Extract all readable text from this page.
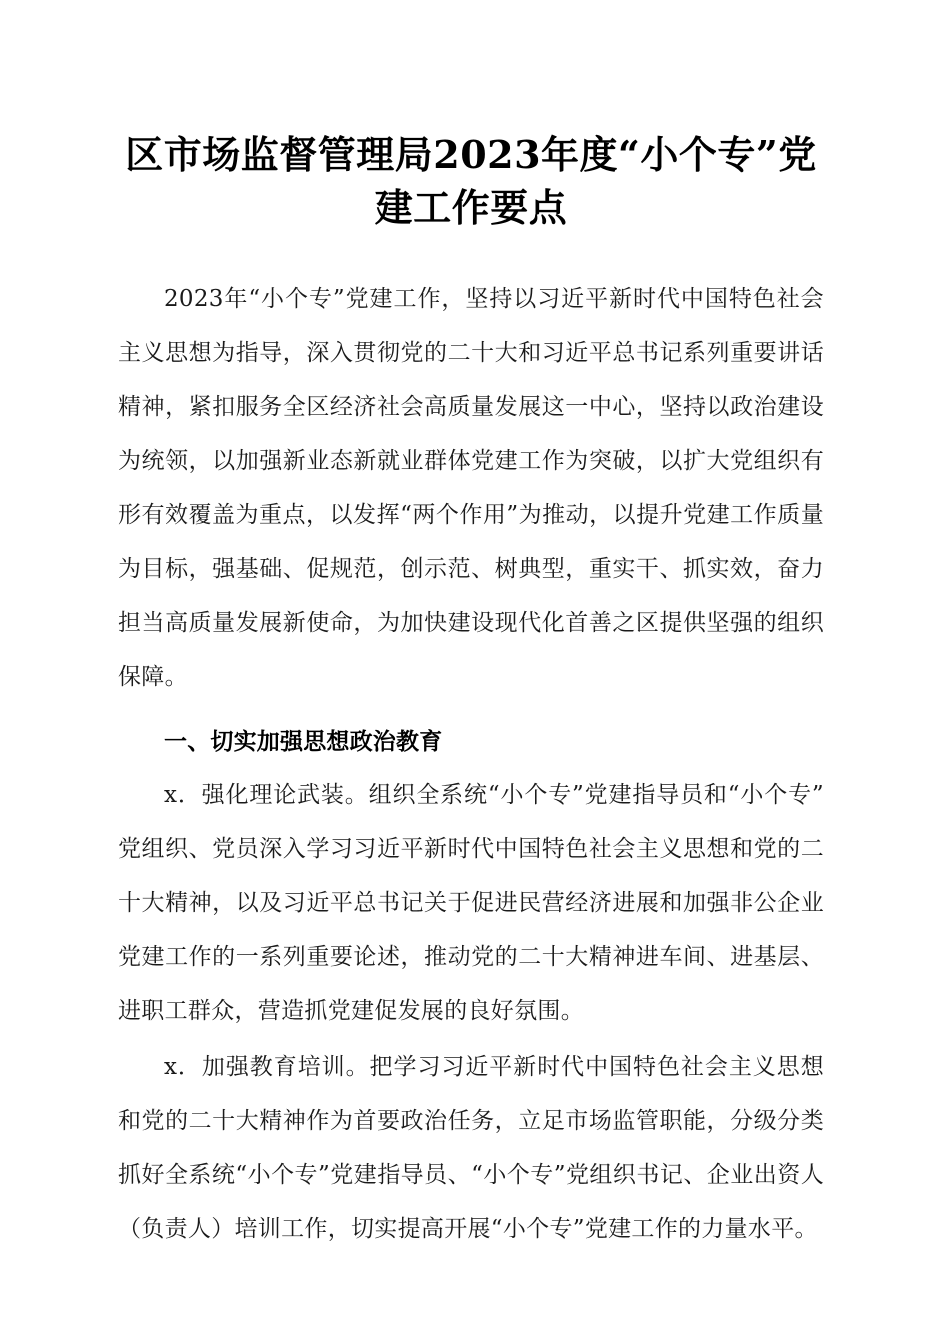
区市场监督管理局2023年度“小个专”党建工作要点

2023年“小个专”党建工作，坚持以习近平新时代中国特色社会主义思想为指导，深入贯彻党的二十大和习近平总书记系列重要讲话精神，紧扣服务全区经济社会高质量发展这一中心，坚持以政治建设为统领，以加强新业态新就业群体党建工作为突破，以扩大党组织有形有效覆盖为重点，以发挥“两个作用”为推动，以提升党建工作质量为目标，强基础、促规范，创示范、树典型，重实干、抓实效，奋力担当高质量发展新使命，为加快建设现代化首善之区提供坚强的组织保障。

一、切实加强思想政治教育

x．强化理论武装。组织全系统“小个专”党建指导员和“小个专”党组织、党员深入学习习近平新时代中国特色社会主义思想和党的二十大精神，以及习近平总书记关于促进民营经济进展和加强非公企业党建工作的一系列重要论述，推动党的二十大精神进车间、进基层、进职工群众，营造抓党建促发展的良好氛围。

x．加强教育培训。把学习习近平新时代中国特色社会主义思想和党的二十大精神作为首要政治任务，立足市场监管职能，分级分类抓好全系统“小个专”党建指导员、“小个专”党组织书记、企业出资人（负责人）培训工作，切实提高开展“小个专”党建工作的力量水平。
